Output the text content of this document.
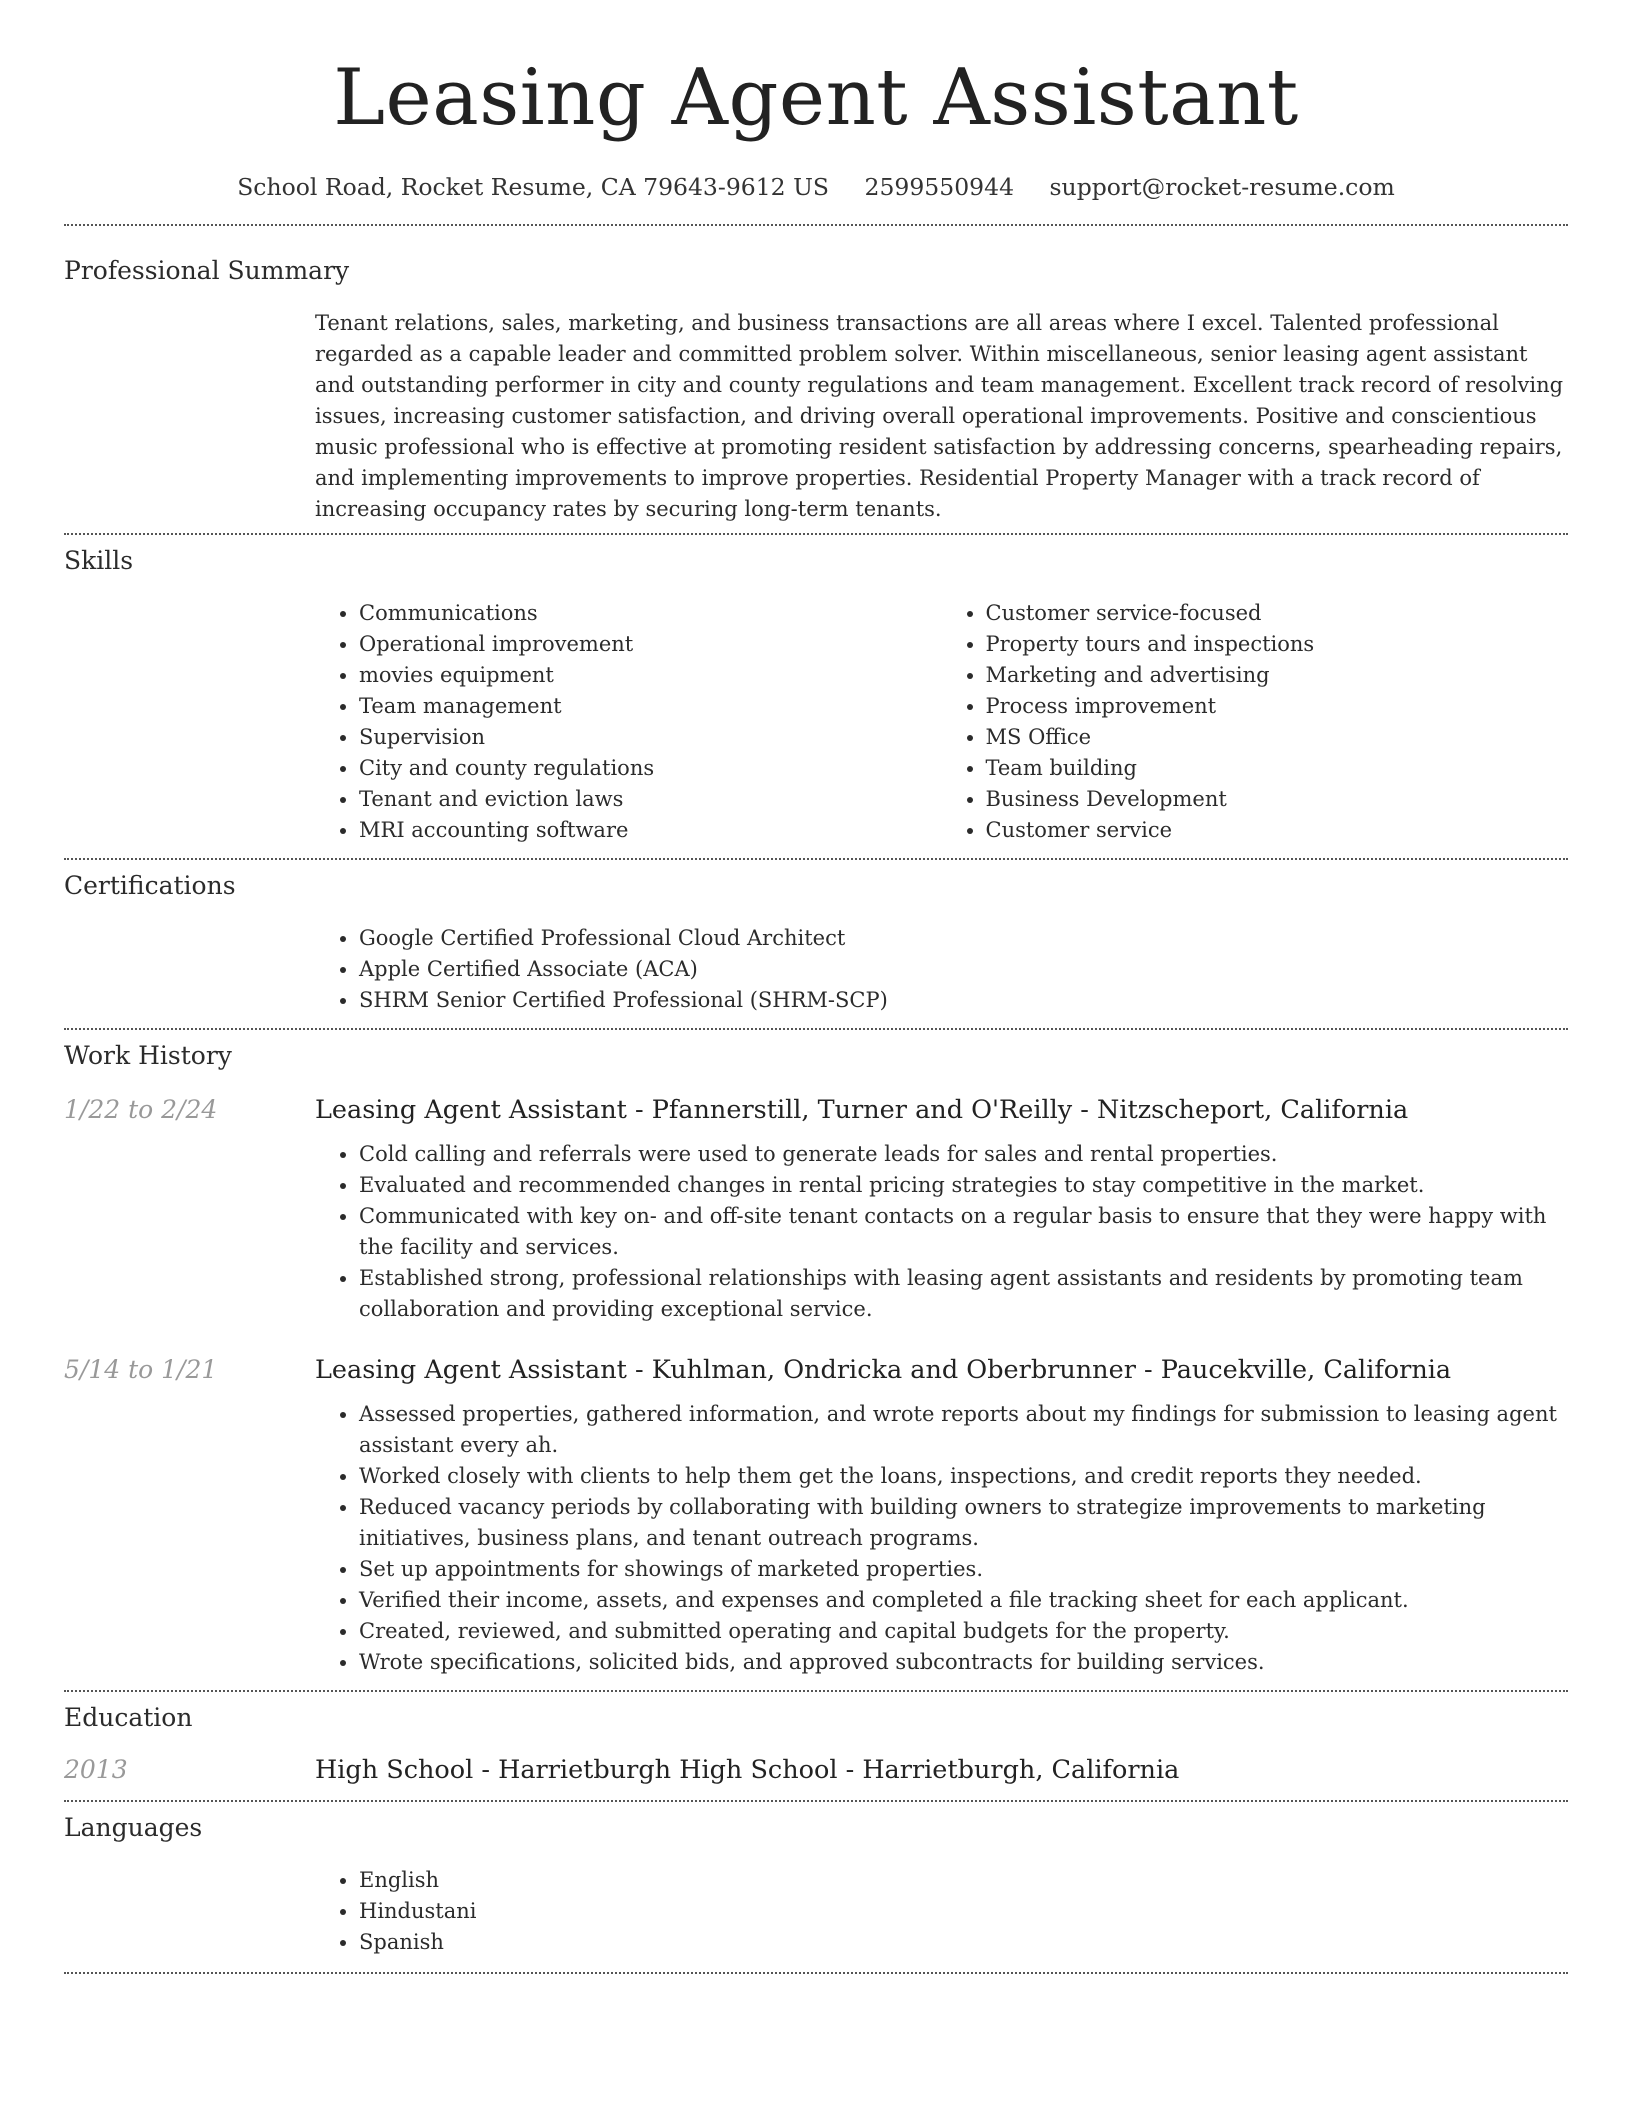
Leasing Agent Assistant
School Road, Rocket Resume, CA 79643-9612 US 2599550944 support@rocket-resume.com
Professional Summary
Tenant relations, sales, marketing, and business transactions are all areas where I excel. Talented professional regarded as a capable leader and committed problem solver. Within miscellaneous, senior leasing agent assistant and outstanding performer in city and county regulations and team management. Excellent track record of resolving issues, increasing customer satisfaction, and driving overall operational improvements. Positive and conscientious music professional who is effective at promoting resident satisfaction by addressing concerns, spearheading repairs, and implementing improvements to improve properties. Residential Property Manager with a track record of increasing occupancy rates by securing long-term tenants.
Skills
• Communications
• Operational improvement
• movies equipment
• Team management
• Supervision
• City and county regulations
• Tenant and eviction laws
• MRI accounting software
• Customer service-focused
• Property tours and inspections
• Marketing and advertising
• Process improvement
• MS Office
• Team building
• Business Development
• Customer service
Certifications
• Google Certified Professional Cloud Architect
• Apple Certified Associate (ACA)
• SHRM Senior Certified Professional (SHRM-SCP)
Work History
1/22 to 2/24	Leasing Agent Assistant - Pfannerstill, Turner and O'Reilly - Nitzscheport, California
• Cold calling and referrals were used to generate leads for sales and rental properties.
• Evaluated and recommended changes in rental pricing strategies to stay competitive in the market.
• Communicated with key on- and off-site tenant contacts on a regular basis to ensure that they were happy with the facility and services.
• Established strong, professional relationships with leasing agent assistants and residents by promoting team collaboration and providing exceptional service.
5/14 to 1/21	Leasing Agent Assistant - Kuhlman, Ondricka and Oberbrunner - Paucekville, California
• Assessed properties, gathered information, and wrote reports about my findings for submission to leasing agent assistant every ah.
• Worked closely with clients to help them get the loans, inspections, and credit reports they needed.
• Reduced vacancy periods by collaborating with building owners to strategize improvements to marketing initiatives, business plans, and tenant outreach programs.
• Set up appointments for showings of marketed properties.
• Verified their income, assets, and expenses and completed a file tracking sheet for each applicant.
• Created, reviewed, and submitted operating and capital budgets for the property.
• Wrote specifications, solicited bids, and approved subcontracts for building services.
Education
2013	High School - Harrietburgh High School - Harrietburgh, California
Languages
• English
• Hindustani
• Spanish
